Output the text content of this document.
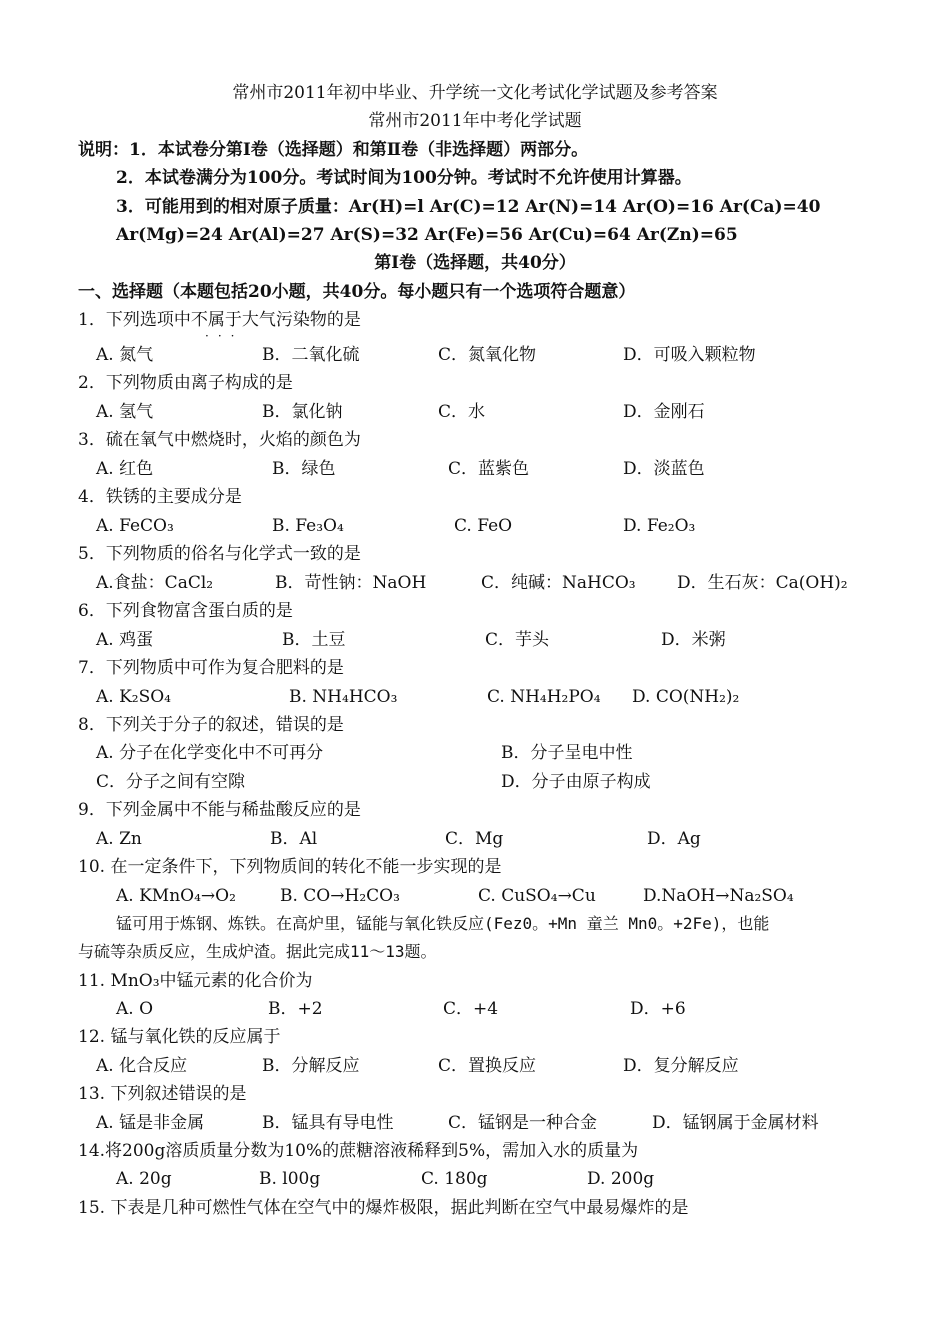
常州市2011年初中毕业、升学统一文化考试化学试题及参考答案
常州市2011年中考化学试题
说明：1．本试卷分第I卷（选择题）和第Ⅱ卷（非选择题）两部分。
2．本试卷满分为100分。考试时间为100分钟。考试时不允许使用计算器。
3．可能用到的相对原子质量：Ar(H)=l Ar(C)=12 Ar(N)=14 Ar(O)=16 Ar(Ca)=40
Ar(Mg)=24 Ar(Al)=27 Ar(S)=32 Ar(Fe)=56 Ar(Cu)=64 Ar(Zn)=65
第Ⅰ卷（选择题，共40分）
一、选择题（本题包括20小题，共40分。每小题只有一个选项符合题意）
1．下列选项中不属于大气污染物的是
···
A. 氮气	B．二氧化硫	C．氮氧化物	D．可吸入颗粒物
2．下列物质由离子构成的是
A. 氢气	B．氯化钠	C．水	D．金刚石
3．硫在氧气中燃烧时，火焰的颜色为
A. 红色	B．绿色	C．蓝紫色	D．淡蓝色
4．铁锈的主要成分是
A. FeCO₃	B. Fe₃O₄	C. FeO	D. Fe₂O₃
5．下列物质的俗名与化学式一致的是
A.食盐：CaCl₂	B．苛性钠：NaOH	C．纯碱：NaHCO₃ D．生石灰：Ca(OH)₂
6．下列食物富含蛋白质的是
A. 鸡蛋	B．土豆	C．芋头	D．米粥
7．下列物质中可作为复合肥料的是
A. K₂SO₄	B. NH₄HCO₃	C. NH₄H₂PO₄ D. CO(NH₂)₂
8．下列关于分子的叙述，错误的是
A. 分子在化学变化中不可再分	B．分子呈电中性
C．分子之间有空隙	D．分子由原子构成
9．下列金属中不能与稀盐酸反应的是
A. Zn	B．Al	C．Mg	D．Ag
10. 在一定条件下，下列物质间的转化不能一步实现的是
A. KMnO₄→O₂	B. CO→H₂CO₃	C. CuSO₄→Cu	D.NaOH→Na₂SO₄
锰可用于炼钢、炼铁。在高炉里，锰能与氧化铁反应(Fez0。+Mn 童兰 Mn0。+2Fe)，也能
与硫等杂质反应，生成炉渣。据此完成11～13题。
11. MnO₃中锰元素的化合价为
A. O	B．+2	C．+4	D．+6
12. 锰与氧化铁的反应属于
A. 化合反应	B．分解反应	C．置换反应	D．复分解反应
13. 下列叙述错误的是
A. 锰是非金属	B．锰具有导电性	C．锰钢是一种合金	D．锰钢属于金属材料
14.将200g溶质质量分数为10%的蔗糖溶液稀释到5%，需加入水的质量为
A. 20g	B. l00g	C. 180g	D. 200g
15. 下表是几种可燃性气体在空气中的爆炸极限，据此判断在空气中最易爆炸的是
